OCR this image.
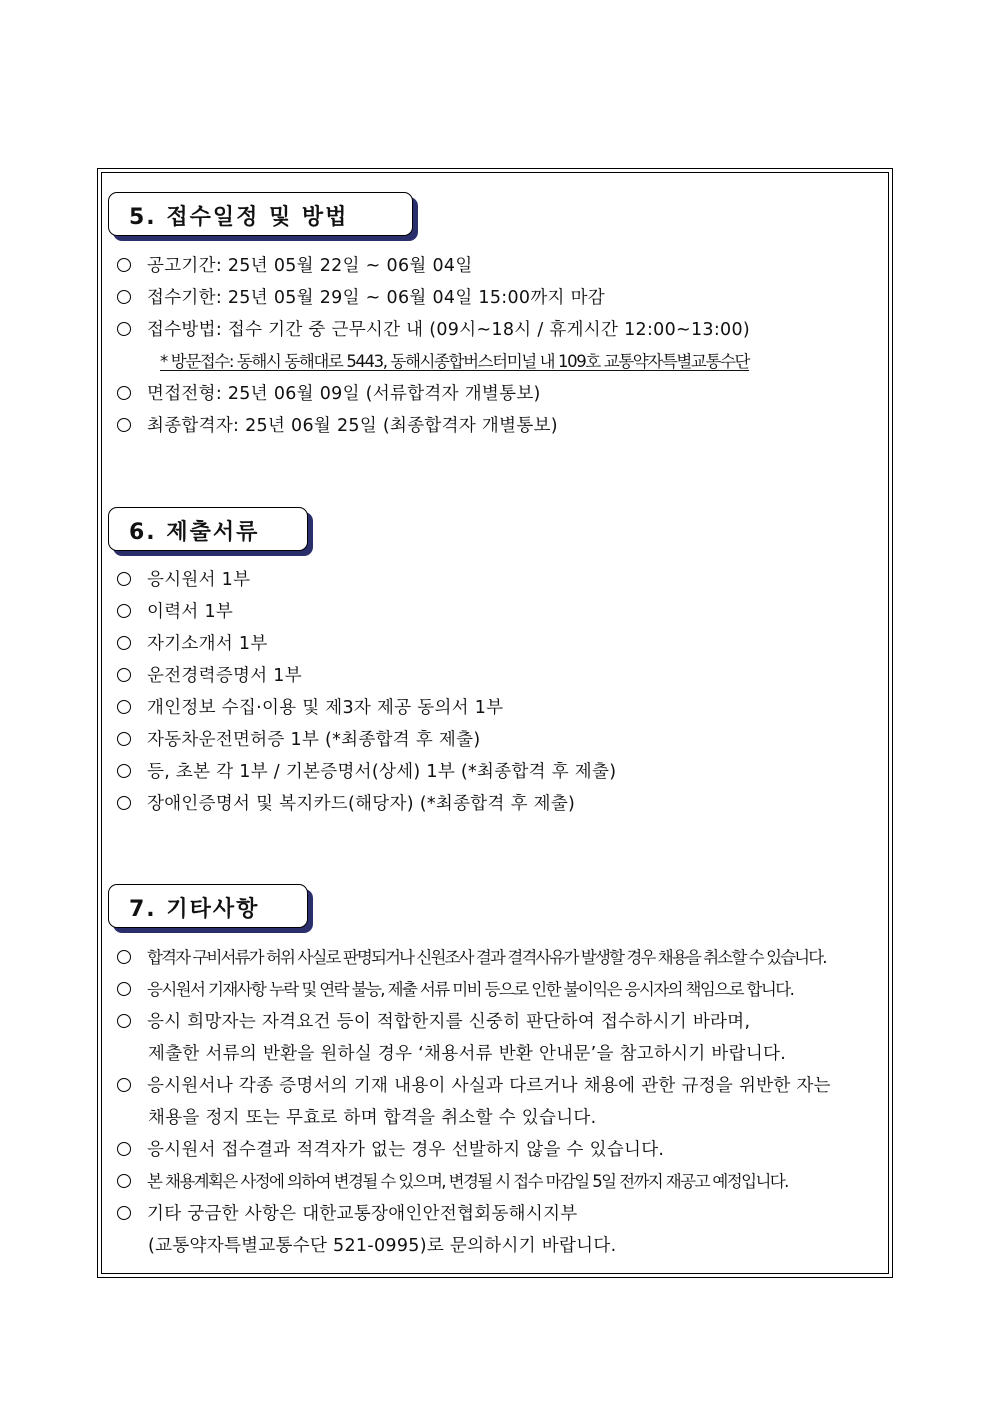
5. 접수일정 및 방법
공고기간: 25년 05월 22일 ~ 06월 04일
접수기한: 25년 05월 29일 ~ 06월 04일 15:00까지 마감
접수방법: 접수 기간 중 근무시간 내 (09시~18시 / 휴게시간 12:00~13:00)
* 방문접수: 동해시 동해대로 5443, 동해시종합버스터미널 내 109호 교통약자특별교통수단
면접전형: 25년 06월 09일 (서류합격자 개별통보)
최종합격자: 25년 06월 25일 (최종합격자 개별통보)
6. 제출서류
응시원서 1부
이력서 1부
자기소개서 1부
운전경력증명서 1부
개인정보 수집·이용 및 제3자 제공 동의서 1부
자동차운전면허증 1부 (*최종합격 후 제출)
등, 초본 각 1부 / 기본증명서(상세) 1부 (*최종합격 후 제출)
장애인증명서 및 복지카드(해당자) (*최종합격 후 제출)
7. 기타사항
합격자 구비서류가 허위 사실로 판명되거나 신원조사 결과 결격사유가 발생할 경우 채용을 취소할 수 있습니다.
응시원서 기재사항 누락 및 연락 불능, 제출 서류 미비 등으로 인한 불이익은 응시자의 책임으로 합니다.
응시 희망자는 자격요건 등이 적합한지를 신중히 판단하여 접수하시기 바라며,
제출한 서류의 반환을 원하실 경우 ‘채용서류 반환 안내문’을 참고하시기 바랍니다.
응시원서나 각종 증명서의 기재 내용이 사실과 다르거나 채용에 관한 규정을 위반한 자는
채용을 정지 또는 무효로 하며 합격을 취소할 수 있습니다.
응시원서 접수결과 적격자가 없는 경우 선발하지 않을 수 있습니다.
본 채용계획은 사정에 의하여 변경될 수 있으며, 변경될 시 접수 마감일 5일 전까지 재공고 예정입니다.
기타 궁금한 사항은 대한교통장애인안전협회동해시지부
(교통약자특별교통수단 521-0995)로 문의하시기 바랍니다.
